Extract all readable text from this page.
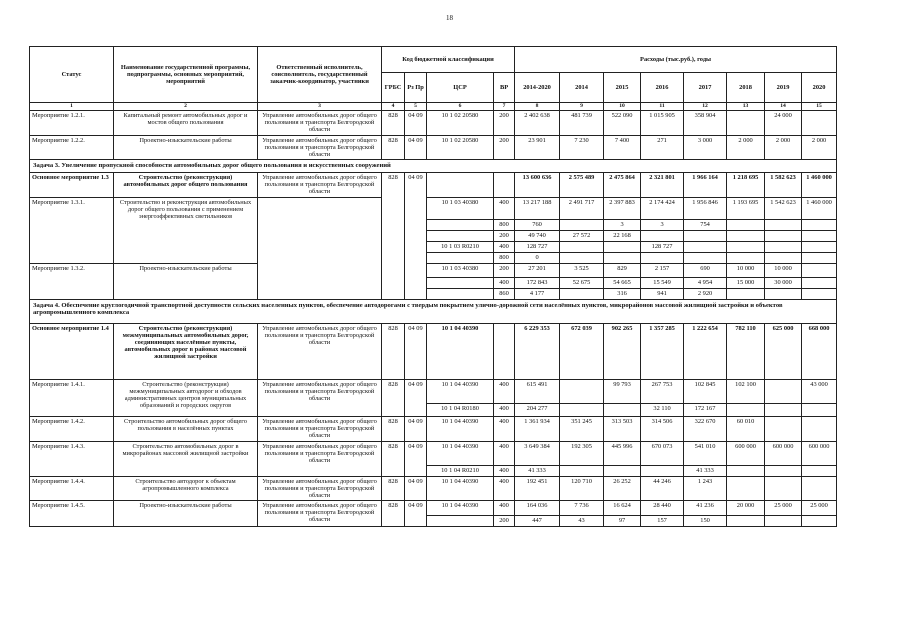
18
Статус	Наименование государственной программы, подпрограммы, основных мероприятий, мероприятий	Ответственный исполнитель, соисполнитель, государственный заказчик-координатор, участники	Код бюджетной классификации				Расходы (тыс.руб.), годы							
			ГРБС	Рз Пр	ЦСР	ВР	2014-2020	2014	2015	2016	2017	2018	2019	2020
1	2	3	4	5	6	7	8	9	10	11	12	13	14	15
Мероприятие 1.2.1.	Капитальный ремонт автомобильных дорог и мостов общего пользования	Управление автомобильных дорог общего пользования и транспорта Белгородской области	828	04 09	10 1 02 20580	200	2 402 638	481 739	522 090	1 015 905	358 904		24 000	
Мероприятие 1.2.2.	Проектно-изыскательские работы	Управление автомобильных дорог общего пользования и транспорта Белгородской области	828	04 09	10 1 02 20580	200	23 901	7 230	7 400	271	3 000	2 000	2 000	2 000
Задача 3. Увеличение пропускной способности автомобильных дорог общего пользования и искусственных сооружений														
Основное мероприятие 1.3	Строительство (реконструкция) автомобильных дорог общего пользования	Управление автомобильных дорог общего пользования и транспорта Белгородской области	828	04 09			13 600 636	2 575 489	2 475 864	2 321 801	1 966 164	1 218 695	1 582 623	1 460 000
Мероприятие 1.3.1.	Строительство и реконструкция автомобильных дорог общего пользования с применением энергоэффективных светильников				10 1 03 40380	400	13 217 188	2 491 717	2 397 883	2 174 424	1 956 846	1 193 695	1 542 623	1 460 000
						800	760		3	3	754			
						200	49 740	27 572	22 168					
					10 1 03 R0210	400	128 727			128 727				
						800	0							
Мероприятие 1.3.2.	Проектно-изыскательские работы				10 1 03 40380	200	27 201	3 525	829	2 157	690	10 000	10 000	
						400	172 843	52 675	54 665	15 549	4 954	15 000	30 000	
						860	4 177		316	941	2 920			
Задача 4. Обеспечение круглогодичной транспортной доступности сельских населенных пунктов, обеспечение автодорогами с твердым покрытием улично-дорожной сети населённых пунктов, микрорайонов массовой жилищной застройки и объектов агропромышленного комплекса														
Основное мероприятие 1.4	Строительство (реконструкция) межмуниципальных автомобильных дорог, соединяющих населённые пункты, автомобильных дорог в районах массовой жилищной застройки	Управление автомобильных дорог общего пользования и транспорта Белгородской области	828	04 09	10 1 04 40390		6 229 353	672 039	902 265	1 357 285	1 222 654	782 110	625 000	668 000
Мероприятие 1.4.1.	Строительство (реконструкция) межмуниципальных автодорог и обходов административных центров муниципальных образований и городских округов	Управление автомобильных дорог общего пользования и транспорта Белгородской области	828	04 09	10 1 04 40390	400	615 491		99 793	267 753	102 845	102 100		43 000
					10 1 04 R0180	400	204 277			32 110	172 167			
Мероприятие 1.4.2.	Строительство автомобильных дорог общего пользования в населённых пунктах	Управление автомобильных дорог общего пользования и транспорта Белгородской области	828	04 09	10 1 04 40390	400	1 361 934	351 245	313 503	314 506	322 670	60 010		
Мероприятие 1.4.3.	Строительство автомобильных дорог в микрорайонах массовой жилищной застройки	Управление автомобильных дорог общего пользования и транспорта Белгородской области	828	04 09	10 1 04 40390	400	3 649 384	192 305	445 996	670 073	541 010	600 000	600 000	600 000
					10 1 04 R0210	400	41 333				41 333			
Мероприятие 1.4.4.	Строительство автодорог к объектам агропромышленного комплекса	Управление автомобильных дорог общего пользования и транспорта Белгородской области	828	04 09	10 1 04 40390	400	192 451	120 710	26 252	44 246	1 243			
Мероприятие 1.4.5.	Проектно-изыскательские работы	Управление автомобильных дорог общего пользования и транспорта Белгородской области	828	04 09	10 1 04 40390	400	164 036	7 736	16 624	28 440	41 236	20 000	25 000	25 000
						200	447	43	97	157	150			
